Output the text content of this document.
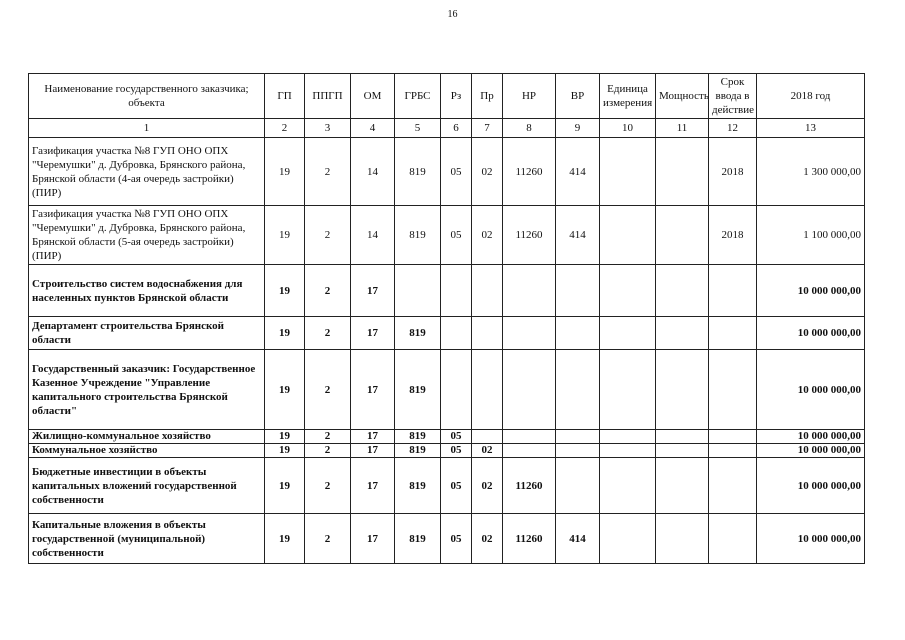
16
Наименование государственного заказчика; объекта	ГП	ППГП	ОМ	ГРБС	Рз	Пр	НР	ВР	Единица измерения	Мощность	Срок ввода в действие	2018 год
1	2	3	4	5	6	7	8	9	10	11	12	13
Газификация участка №8 ГУП ОНО ОПХ "Черемушки" д. Дубровка, Брянского района, Брянской области (4-ая очередь застройки) (ПИР)	19	2	14	819	05	02	11260	414			2018	1 300 000,00
Газификация участка №8 ГУП ОНО ОПХ "Черемушки" д. Дубровка, Брянского района, Брянской области (5-ая очередь застройки) (ПИР)	19	2	14	819	05	02	11260	414			2018	1 100 000,00
Строительство систем водоснабжения для населенных пунктов Брянской области	19	2	17									10 000 000,00
Департамент строительства Брянской области	19	2	17	819								10 000 000,00
Государственный заказчик: Государственное Казенное Учреждение "Управление капитального строительства Брянской области"	19	2	17	819								10 000 000,00
Жилищно-коммунальное хозяйство	19	2	17	819	05							10 000 000,00
Коммунальное хозяйство	19	2	17	819	05	02						10 000 000,00
Бюджетные инвестиции в объекты капитальных вложений государственной собственности	19	2	17	819	05	02	11260					10 000 000,00
Капитальные вложения в объекты государственной (муниципальной) собственности	19	2	17	819	05	02	11260	414				10 000 000,00
